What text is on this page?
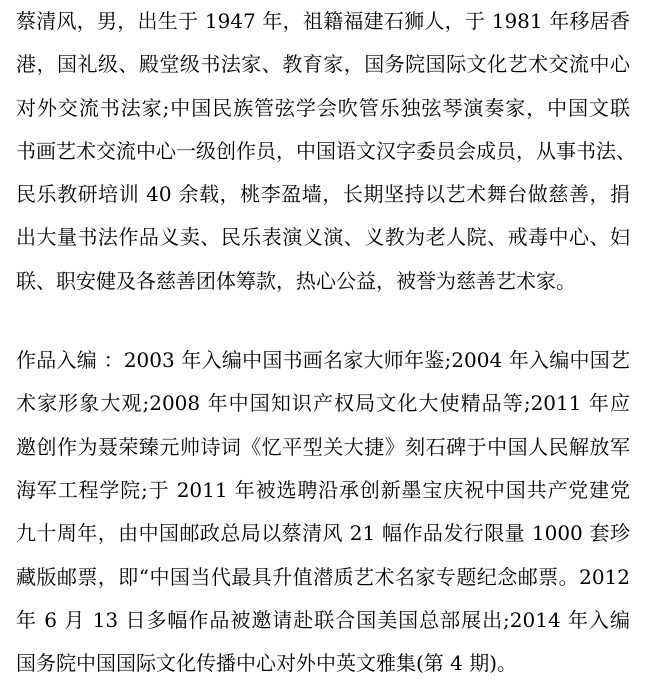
蔡清风，男，出生于 1947 年，祖籍福建石狮人，于 1981 年移居香
港，国礼级、殿堂级书法家、教育家，国务院国际文化艺术交流中心
对外交流书法家;中国民族管弦学会吹管乐独弦琴演奏家，中国文联
书画艺术交流中心一级创作员，中国语文汉字委员会成员，从事书法、
民乐教研培训 40 余载，桃李盈墙，长期坚持以艺术舞台做慈善，捐
出大量书法作品义卖、民乐表演义演、义教为老人院、戒毒中心、妇
联、职安健及各慈善团体筹款，热心公益，被誉为慈善艺术家。

作品入编 ：2003 年入编中国书画名家大师年鉴;2004 年入编中国艺
术家形象大观;2008 年中国知识产权局文化大使精品等;2011 年应
邀创作为聂荣臻元帅诗词《忆平型关大捷》刻石碑于中国人民解放军
海军工程学院;于 2011 年被选聘沿承创新墨宝庆祝中国共产党建党
九十周年，由中国邮政总局以蔡清风 21 幅作品发行限量 1000 套珍
藏版邮票，即“中国当代最具升值潜质艺术名家专题纪念邮票。2012
年 6 月 13 日多幅作品被邀请赴联合国美国总部展出;2014 年入编
国务院中国国际文化传播中心对外中英文雅集(第 4 期)。
